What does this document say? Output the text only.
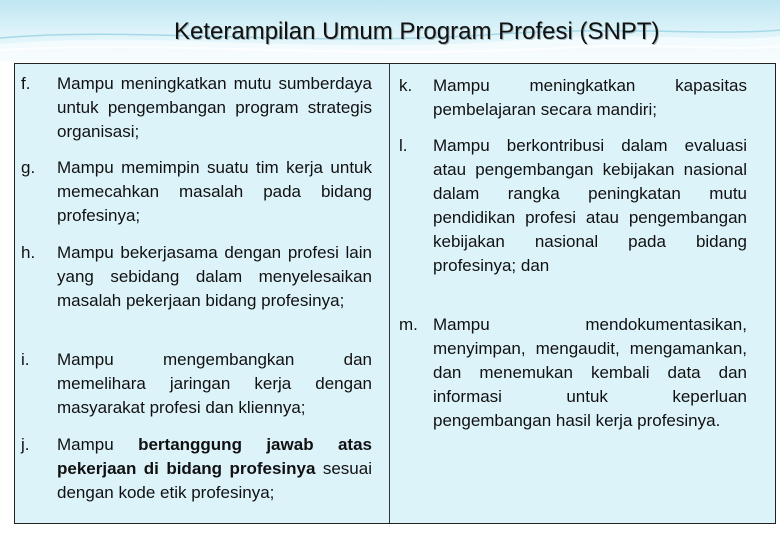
Keterampilan Umum Program Profesi (SNPT)
f. Mampu meningkatkan mutu sumberdaya untuk pengembangan program strategis organisasi;
g. Mampu memimpin suatu tim kerja untuk memecahkan masalah pada bidang profesinya;
h. Mampu bekerjasama dengan profesi lain yang sebidang dalam menyelesaikan masalah pekerjaan bidang profesinya;
i. Mampu mengembangkan dan memelihara jaringan kerja dengan masyarakat profesi dan kliennya;
j. Mampu bertanggung jawab atas pekerjaan di bidang profesinya sesuai dengan kode etik profesinya;
k. Mampu meningkatkan kapasitas pembelajaran secara mandiri;
l. Mampu berkontribusi dalam evaluasi atau pengembangan kebijakan nasional dalam rangka peningkatan mutu pendidikan profesi atau pengembangan kebijakan nasional pada bidang profesinya; dan
m. Mampu mendokumentasikan, menyimpan, mengaudit, mengamankan, dan menemukan kembali data dan informasi untuk keperluan pengembangan hasil kerja profesinya.
